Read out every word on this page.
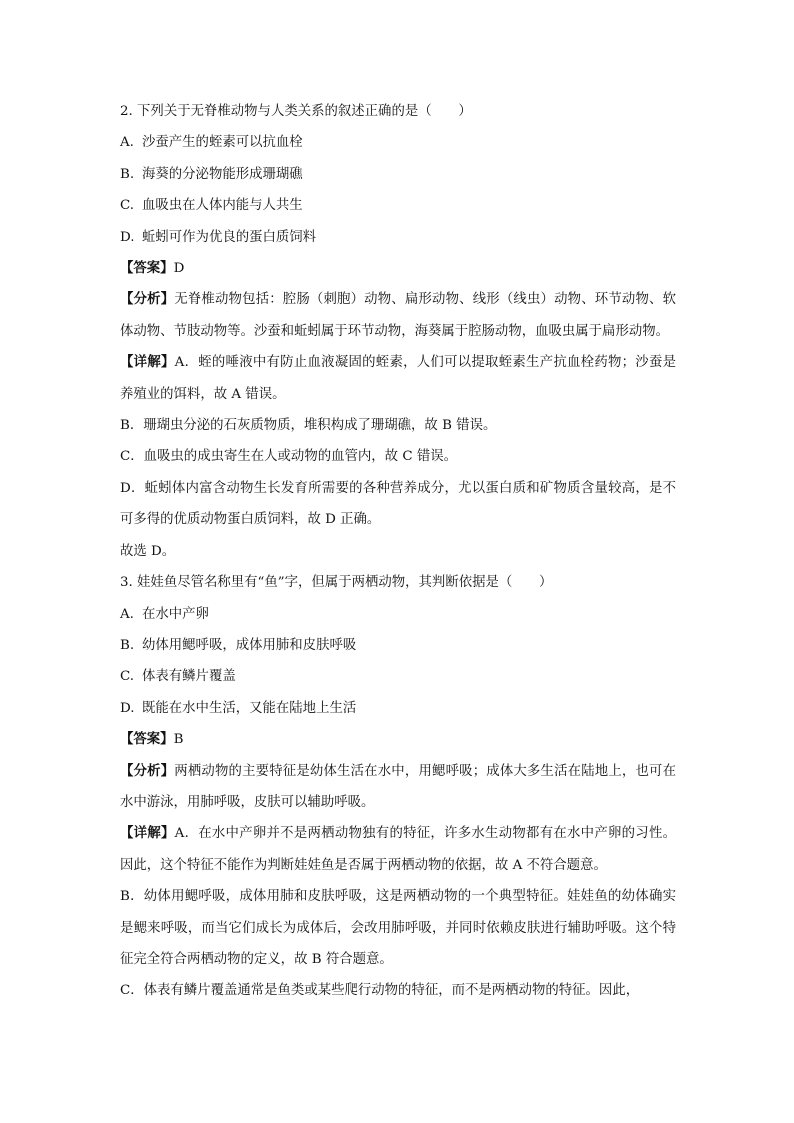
2. 下列关于无脊椎动物与人类关系的叙述正确的是（　　）
A. 沙蚕产生的蛭素可以抗血栓
B. 海葵的分泌物能形成珊瑚礁
C. 血吸虫在人体内能与人共生
D. 蚯蚓可作为优良的蛋白质饲料
【答案】D
【分析】无脊椎动物包括：腔肠（刺胞）动物、扁形动物、线形（线虫）动物、环节动物、软体动物、节肢动物等。沙蚕和蚯蚓属于环节动物，海葵属于腔肠动物，血吸虫属于扁形动物。
【详解】A．蛭的唾液中有防止血液凝固的蛭素，人们可以提取蛭素生产抗血栓药物；沙蚕是养殖业的饵料，故 A 错误。
B．珊瑚虫分泌的石灰质物质，堆积构成了珊瑚礁，故 B 错误。
C．血吸虫的成虫寄生在人或动物的血管内，故 C 错误。
D．蚯蚓体内富含动物生长发育所需要的各种营养成分，尤以蛋白质和矿物质含量较高，是不可多得的优质动物蛋白质饲料，故 D 正确。
故选 D。
3. 娃娃鱼尽管名称里有“鱼”字，但属于两栖动物，其判断依据是（　　）
A. 在水中产卵
B. 幼体用鳃呼吸，成体用肺和皮肤呼吸
C. 体表有鳞片覆盖
D. 既能在水中生活，又能在陆地上生活
【答案】B
【分析】两栖动物的主要特征是幼体生活在水中，用鳃呼吸；成体大多生活在陆地上，也可在水中游泳，用肺呼吸，皮肤可以辅助呼吸。
【详解】A．在水中产卵并不是两栖动物独有的特征，许多水生动物都有在水中产卵的习性。因此，这个特征不能作为判断娃娃鱼是否属于两栖动物的依据，故 A 不符合题意。
B．幼体用鳃呼吸，成体用肺和皮肤呼吸，这是两栖动物的一个典型特征。娃娃鱼的幼体确实是鳃来呼吸，而当它们成长为成体后，会改用肺呼吸，并同时依赖皮肤进行辅助呼吸。这个特征完全符合两栖动物的定义，故 B 符合题意。
C．体表有鳞片覆盖通常是鱼类或某些爬行动物的特征，而不是两栖动物的特征。因此，
